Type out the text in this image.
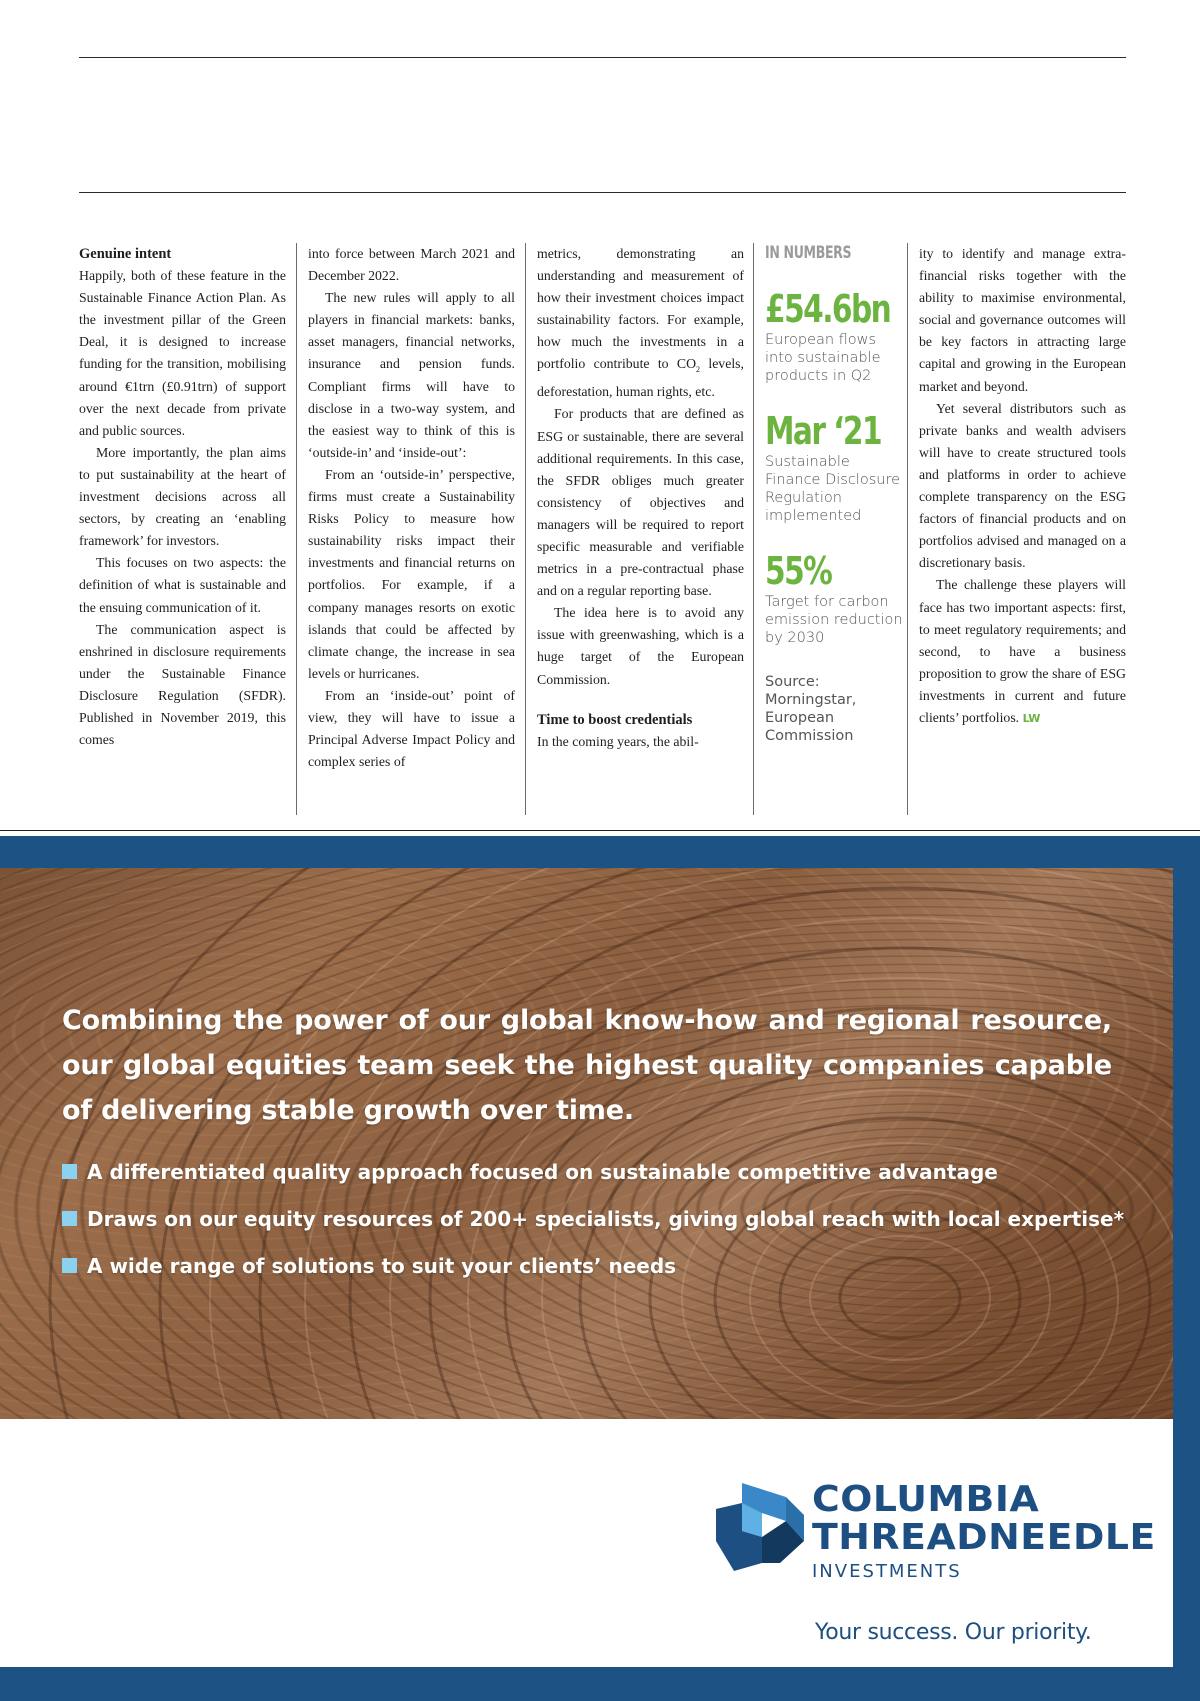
Genuine intent

Happily, both of these feature in the Sustainable Finance Action Plan. As the investment pillar of the Green Deal, it is designed to increase funding for the transition, mobilising around €1trn (£0.91trn) of support over the next decade from private and public sources.

More importantly, the plan aims to put sustainability at the heart of investment decisions across all sectors, by creating an ‘enabling framework’ for investors.

This focuses on two aspects: the definition of what is sustainable and the ensuing communication of it.

The communication aspect is enshrined in disclosure requirements under the Sustainable Finance Disclosure Regulation (SFDR). Published in November 2019, this comes

into force between March 2021 and December 2022.

The new rules will apply to all players in financial markets: banks, asset managers, financial networks, insurance and pension funds. Compliant firms will have to disclose in a two-way system, and the easiest way to think of this is ‘outside-in’ and ‘inside-out’:

From an ‘outside-in’ perspective, firms must create a Sustainability Risks Policy to measure how sustainability risks impact their investments and financial returns on portfolios. For example, if a company manages resorts on exotic islands that could be affected by climate change, the increase in sea levels or hurricanes.

From an ‘inside-out’ point of view, they will have to issue a Principal Adverse Impact Policy and complex series of

metrics, demonstrating an understanding and measurement of how their investment choices impact sustainability factors. For example, how much the investments in a portfolio contribute to $CO_2$ levels, deforestation, human rights, etc.

For products that are defined as ESG or sustainable, there are several additional requirements. In this case, the SFDR obliges much greater consistency of objectives and managers will be required to report specific measurable and verifiable metrics in a pre-contractual phase and on a regular reporting base.

The idea here is to avoid any issue with greenwashing, which is a huge target of the European Commission.

Time to boost credentials

In the coming years, the abil-

IN NUMBERS
£54.6bn
European flows into sustainable products in Q2
Mar ‘21
Sustainable Finance Disclosure Regulation implemented
55%
Target for carbon emission reduction by 2030
Source: Morningstar, European Commission

ity to identify and manage extra-financial risks together with the ability to maximise environmental, social and governance outcomes will be key factors in attracting large capital and growing in the European market and beyond.

Yet several distributors such as private banks and wealth advisers will have to create structured tools and platforms in order to achieve complete transparency on the ESG factors of financial products and on portfolios advised and managed on a discretionary basis.

The challenge these players will face has two important aspects: first, to meet regulatory requirements; and second, to have a business proposition to grow the share of ESG investments in current and future clients’ portfolios. LW

Combining the power of our global know-how and regional resource, our global equities team seek the highest quality companies capable of delivering stable growth over time.
A differentiated quality approach focused on sustainable competitive advantage
Draws on our equity resources of 200+ specialists, giving global reach with local expertise*
A wide range of solutions to suit your clients’ needs
COLUMBIA
THREADNEEDLE
INVESTMENTS
Your success. Our priority.
